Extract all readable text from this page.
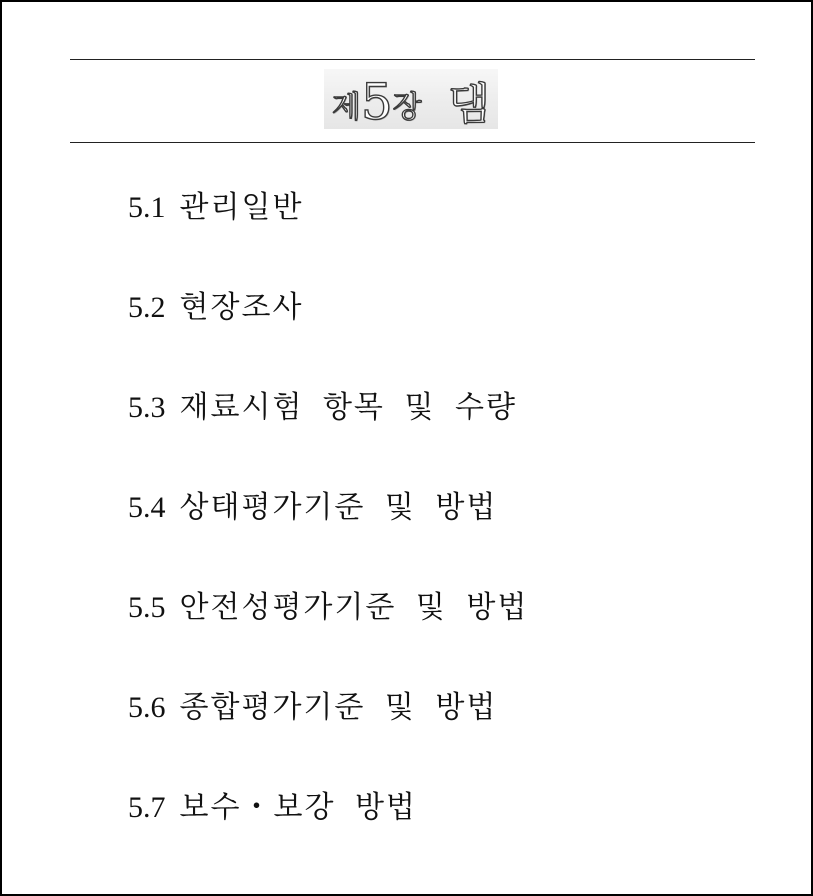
제 5 장 댐
5.1 관리일반
5.2 현장조사
5.3 재료시험 항목 및 수량
5.4 상태평가기준 및 방법
5.5 안전성평가기준 및 방법
5.6 종합평가기준 및 방법
5.7 보수・보강 방법
